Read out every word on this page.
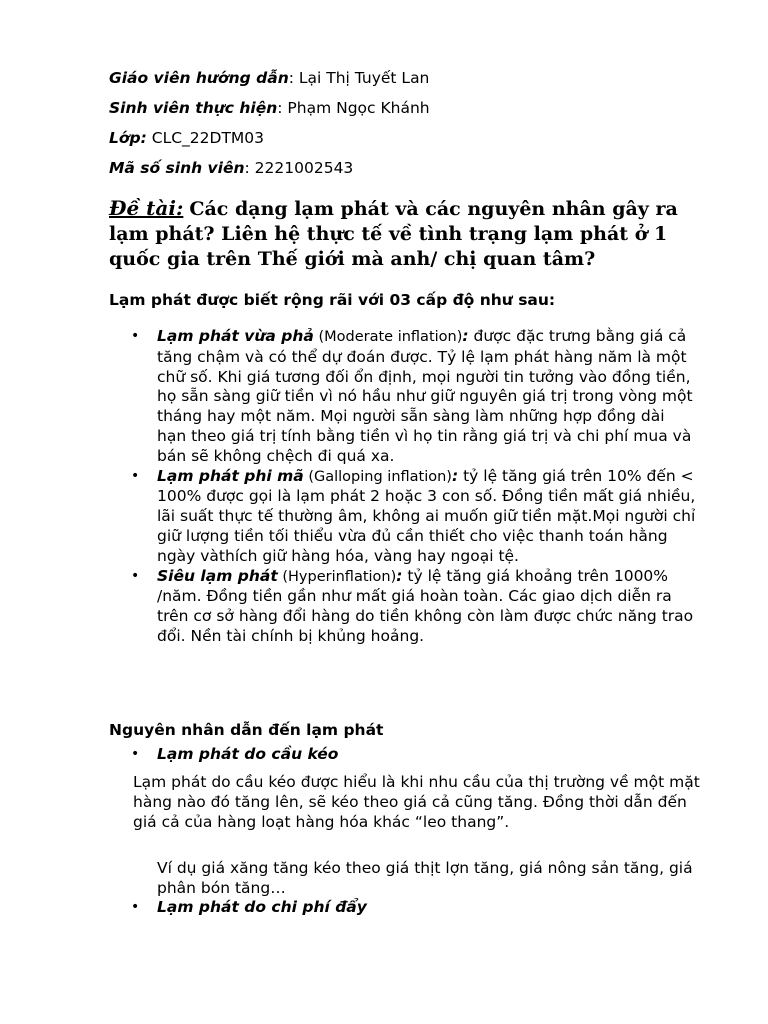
Giáo viên hướng dẫn: Lại Thị Tuyết Lan
Sinh viên thực hiện: Phạm Ngọc Khánh
Lớp: CLC_22DTM03
Mã số sinh viên: 2221002543
Đề tài: Các dạng lạm phát và các nguyên nhân gây ra lạm phát? Liên hệ thực tế về tình trạng lạm phát ở 1 quốc gia trên Thế giới mà anh/ chị quan tâm?
Lạm phát được biết rộng rãi với 03 cấp độ như sau:
• Lạm phát vừa phả (Moderate inflation): được đặc trưng bằng giá cả tăng chậm và có thể dự đoán được. Tỷ lệ lạm phát hàng năm là một chữ số. Khi giá tương đối ổn định, mọi người tin tưởng vào đồng tiền, họ sẵn sàng giữ tiền vì nó hầu như giữ nguyên giá trị trong vòng một tháng hay một năm. Mọi người sẵn sàng làm những hợp đồng dài hạn theo giá trị tính bằng tiền vì họ tin rằng giá trị và chi phí mua và bán sẽ không chệch đi quá xa.
• Lạm phát phi mã (Galloping inflation): tỷ lệ tăng giá trên 10% đến < 100% được gọi là lạm phát 2 hoặc 3 con số. Đồng tiền mất giá nhiều, lãi suất thực tế thường âm, không ai muốn giữ tiền mặt.Mọi người chỉ giữ lượng tiền tối thiểu vừa đủ cần thiết cho việc thanh toán hằng ngày vàthích giữ hàng hóa, vàng hay ngoại tệ.
• Siêu lạm phát (Hyperinflation): tỷ lệ tăng giá khoảng trên 1000% /năm. Đồng tiền gần như mất giá hoàn toàn. Các giao dịch diễn ra trên cơ sở hàng đổi hàng do tiền không còn làm được chức năng trao đổi. Nền tài chính bị khủng hoảng.
Nguyên nhân dẫn đến lạm phát
• Lạm phát do cầu kéo
Lạm phát do cầu kéo được hiểu là khi nhu cầu của thị trường về một mặt hàng nào đó tăng lên, sẽ kéo theo giá cả cũng tăng. Đồng thời dẫn đến giá cả của hàng loạt hàng hóa khác “leo thang”.
Ví dụ giá xăng tăng kéo theo giá thịt lợn tăng, giá nông sản tăng, giá phân bón tăng…
• Lạm phát do chi phí đẩy
